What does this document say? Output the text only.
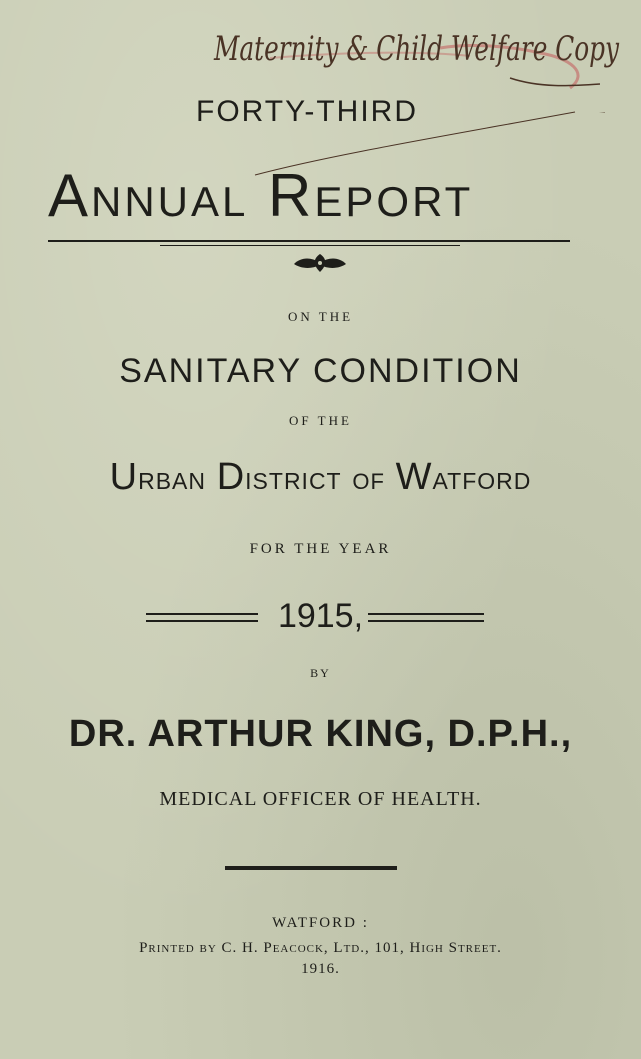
Maternity & Child Welfare Copy
FORTY-THIRD
Annual Report
ON THE
SANITARY CONDITION
OF THE
URBAN DISTRICT OF WATFORD
FOR THE YEAR
1915,
BY
DR. ARTHUR KING, D.P.H.,
MEDICAL OFFICER OF HEALTH.
WATFORD :
Printed by C. H. Peacock, Ltd., 101, High Street.
1916.
